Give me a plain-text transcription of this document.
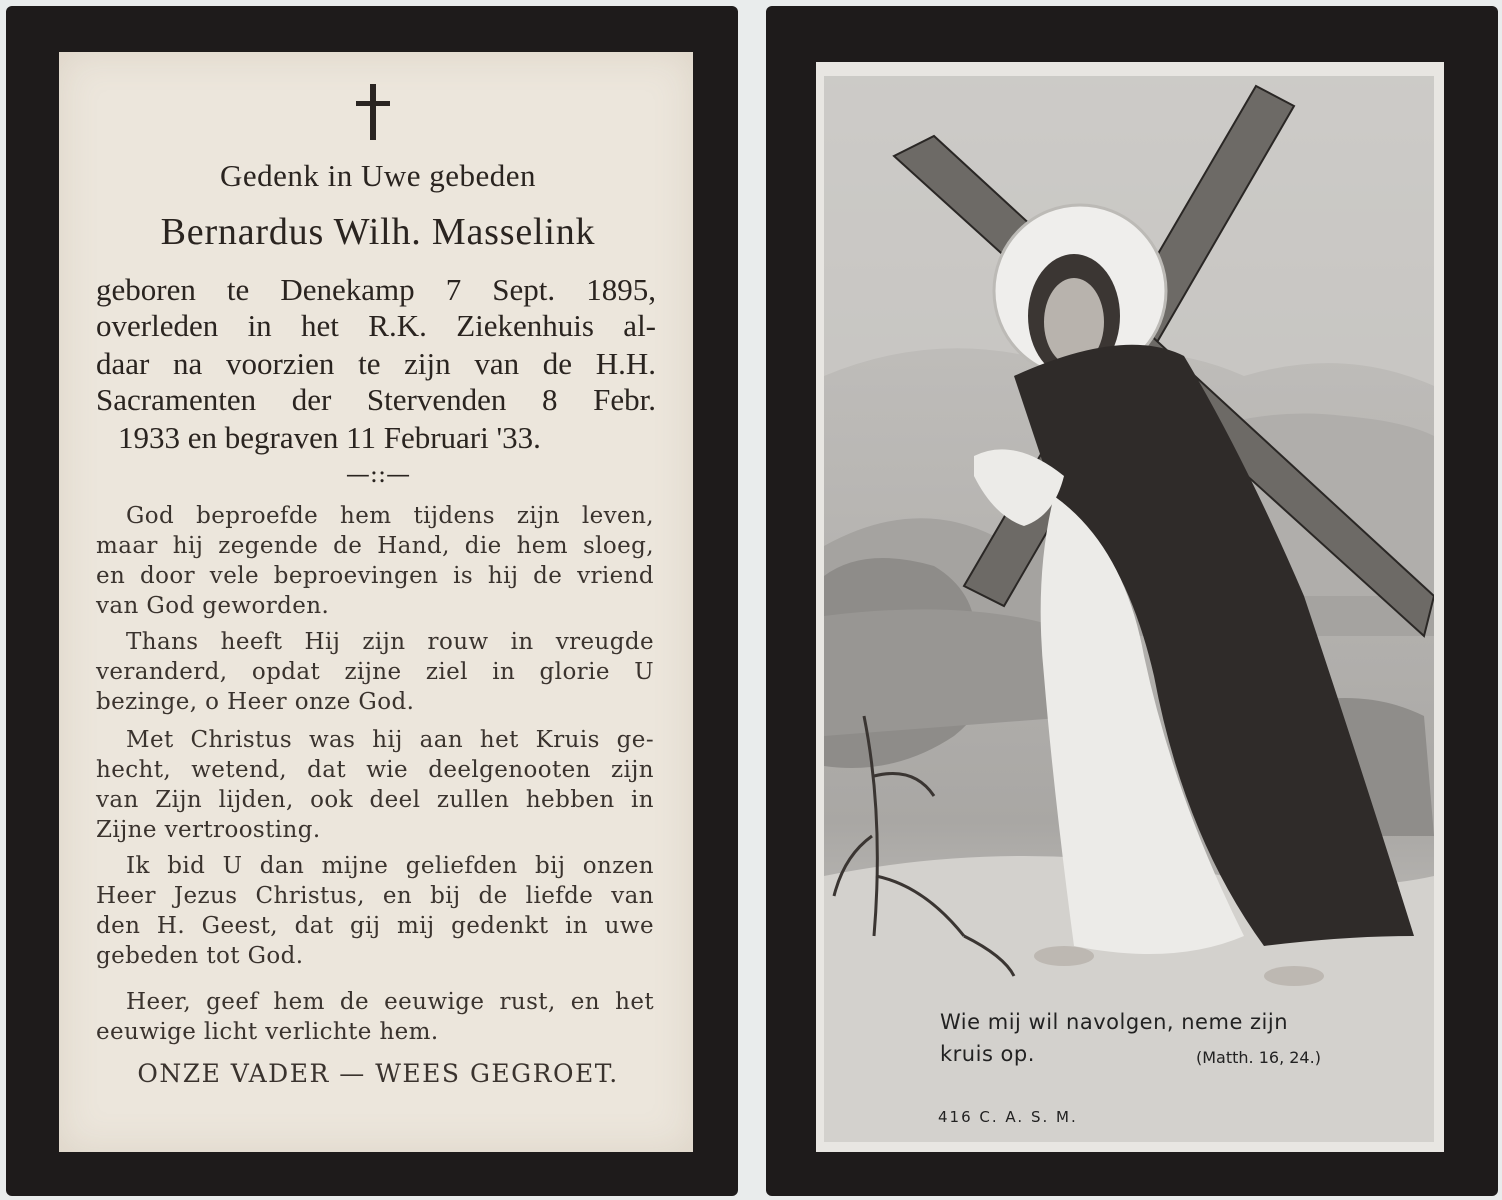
Gedenk in Uwe gebeden
Bernardus Wilh. Masselink
geboren te Denekamp 7 Sept. 1895,
overleden in het R.K. Ziekenhuis al-
daar na voorzien te zijn van de H.H.
Sacramenten der Stervenden 8 Febr.
1933 en begraven 11 Februari '33.
—::—
God beproefde hem tijdens zijn leven,
maar hij zegende de Hand, die hem sloeg,
en door vele beproevingen is hij de vriend
van God geworden.
Thans heeft Hij zijn rouw in vreugde
veranderd, opdat zijne ziel in glorie U
bezinge, o Heer onze God.
Met Christus was hij aan het Kruis ge-
hecht, wetend, dat wie deelgenooten zijn
van Zijn lijden, ook deel zullen hebben in
Zijne vertroosting.
Ik bid U dan mijne geliefden bij onzen
Heer Jezus Christus, en bij de liefde van
den H. Geest, dat gij mij gedenkt in uwe
gebeden tot God.
Heer, geef hem de eeuwige rust, en het
eeuwige licht verlichte hem.
ONZE VADER — WEES GEGROET.
Wie mij wil navolgen, neme zijn
kruis op.	(Matth. 16, 24.)
416 C. A. S. M.
